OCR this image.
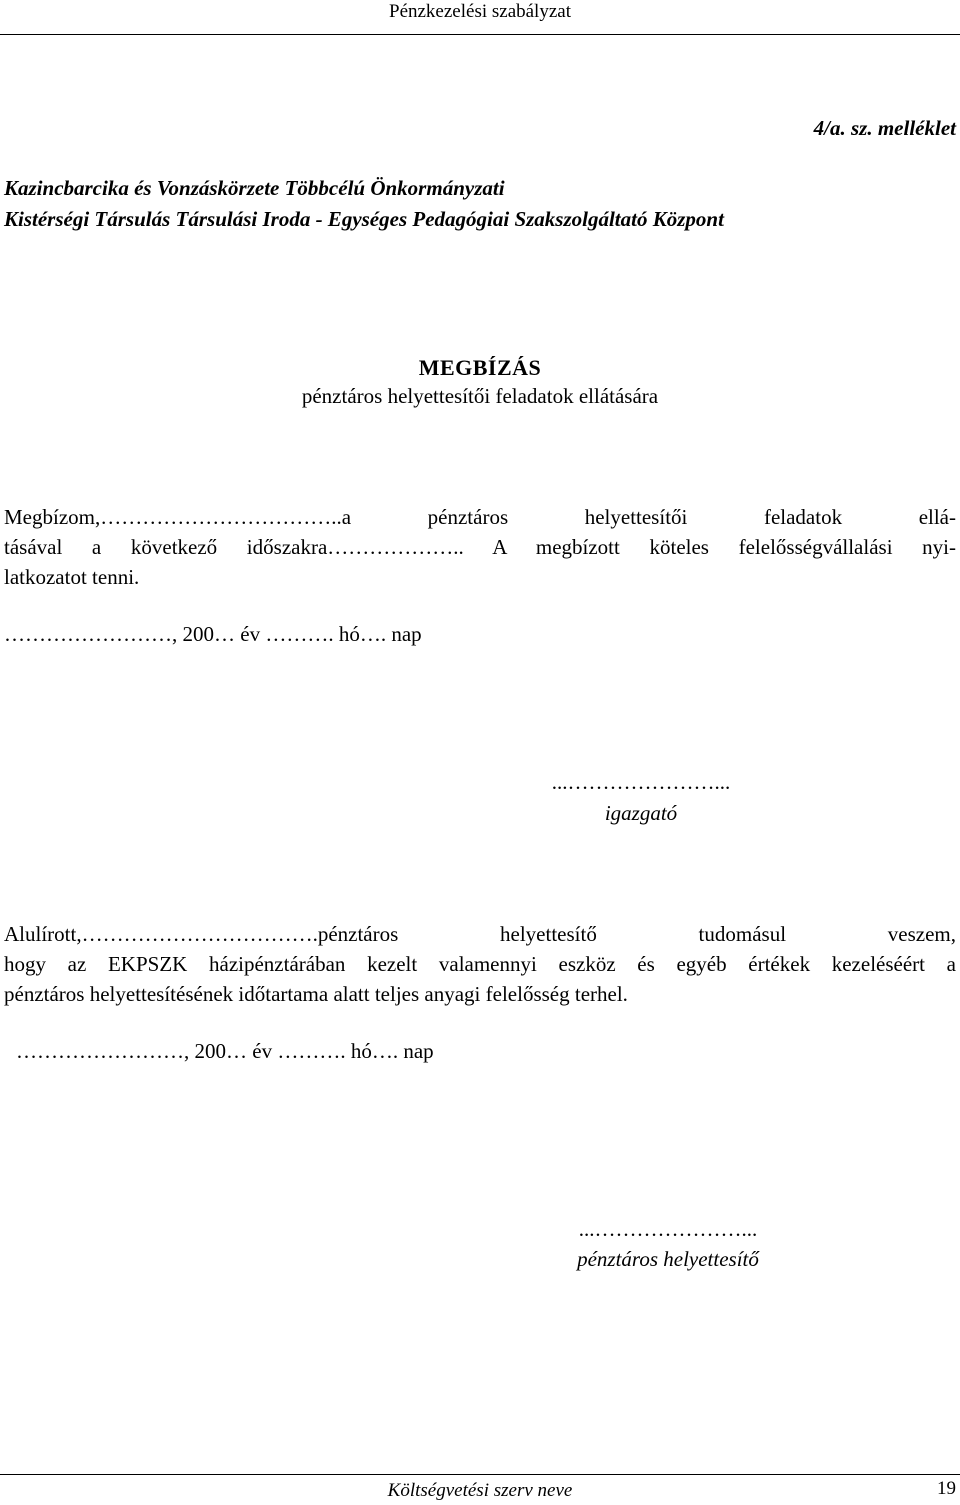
Pénzkezelési szabályzat
4/a. sz. melléklet
Kazincbarcika és Vonzáskörzete Többcélú Önkormányzati
Kistérségi Társulás Társulási Iroda - Egységes Pedagógiai Szakszolgáltató Központ
MEGBÍZÁS
pénztáros helyettesítői feladatok ellátására
Megbízom,……………………………..a pénztáros helyettesítői feladatok ellá-
tásával a következő időszakra……………….. A megbízott köteles felelősségvállalási nyi-
latkozatot tenni.
……………………, 200… év ………. hó…. nap
...…………………...
igazgató
Alulírott,…………………………….pénztáros helyettesítő tudomásul veszem,
hogy az EKPSZK házipénztárában kezelt valamennyi eszköz és egyéb értékek kezeléséért a
pénztáros helyettesítésének időtartama alatt teljes anyagi felelősség terhel.
……………………, 200… év ………. hó…. nap
...…………………...
pénztáros helyettesítő
Költségvetési szerv neve	19
